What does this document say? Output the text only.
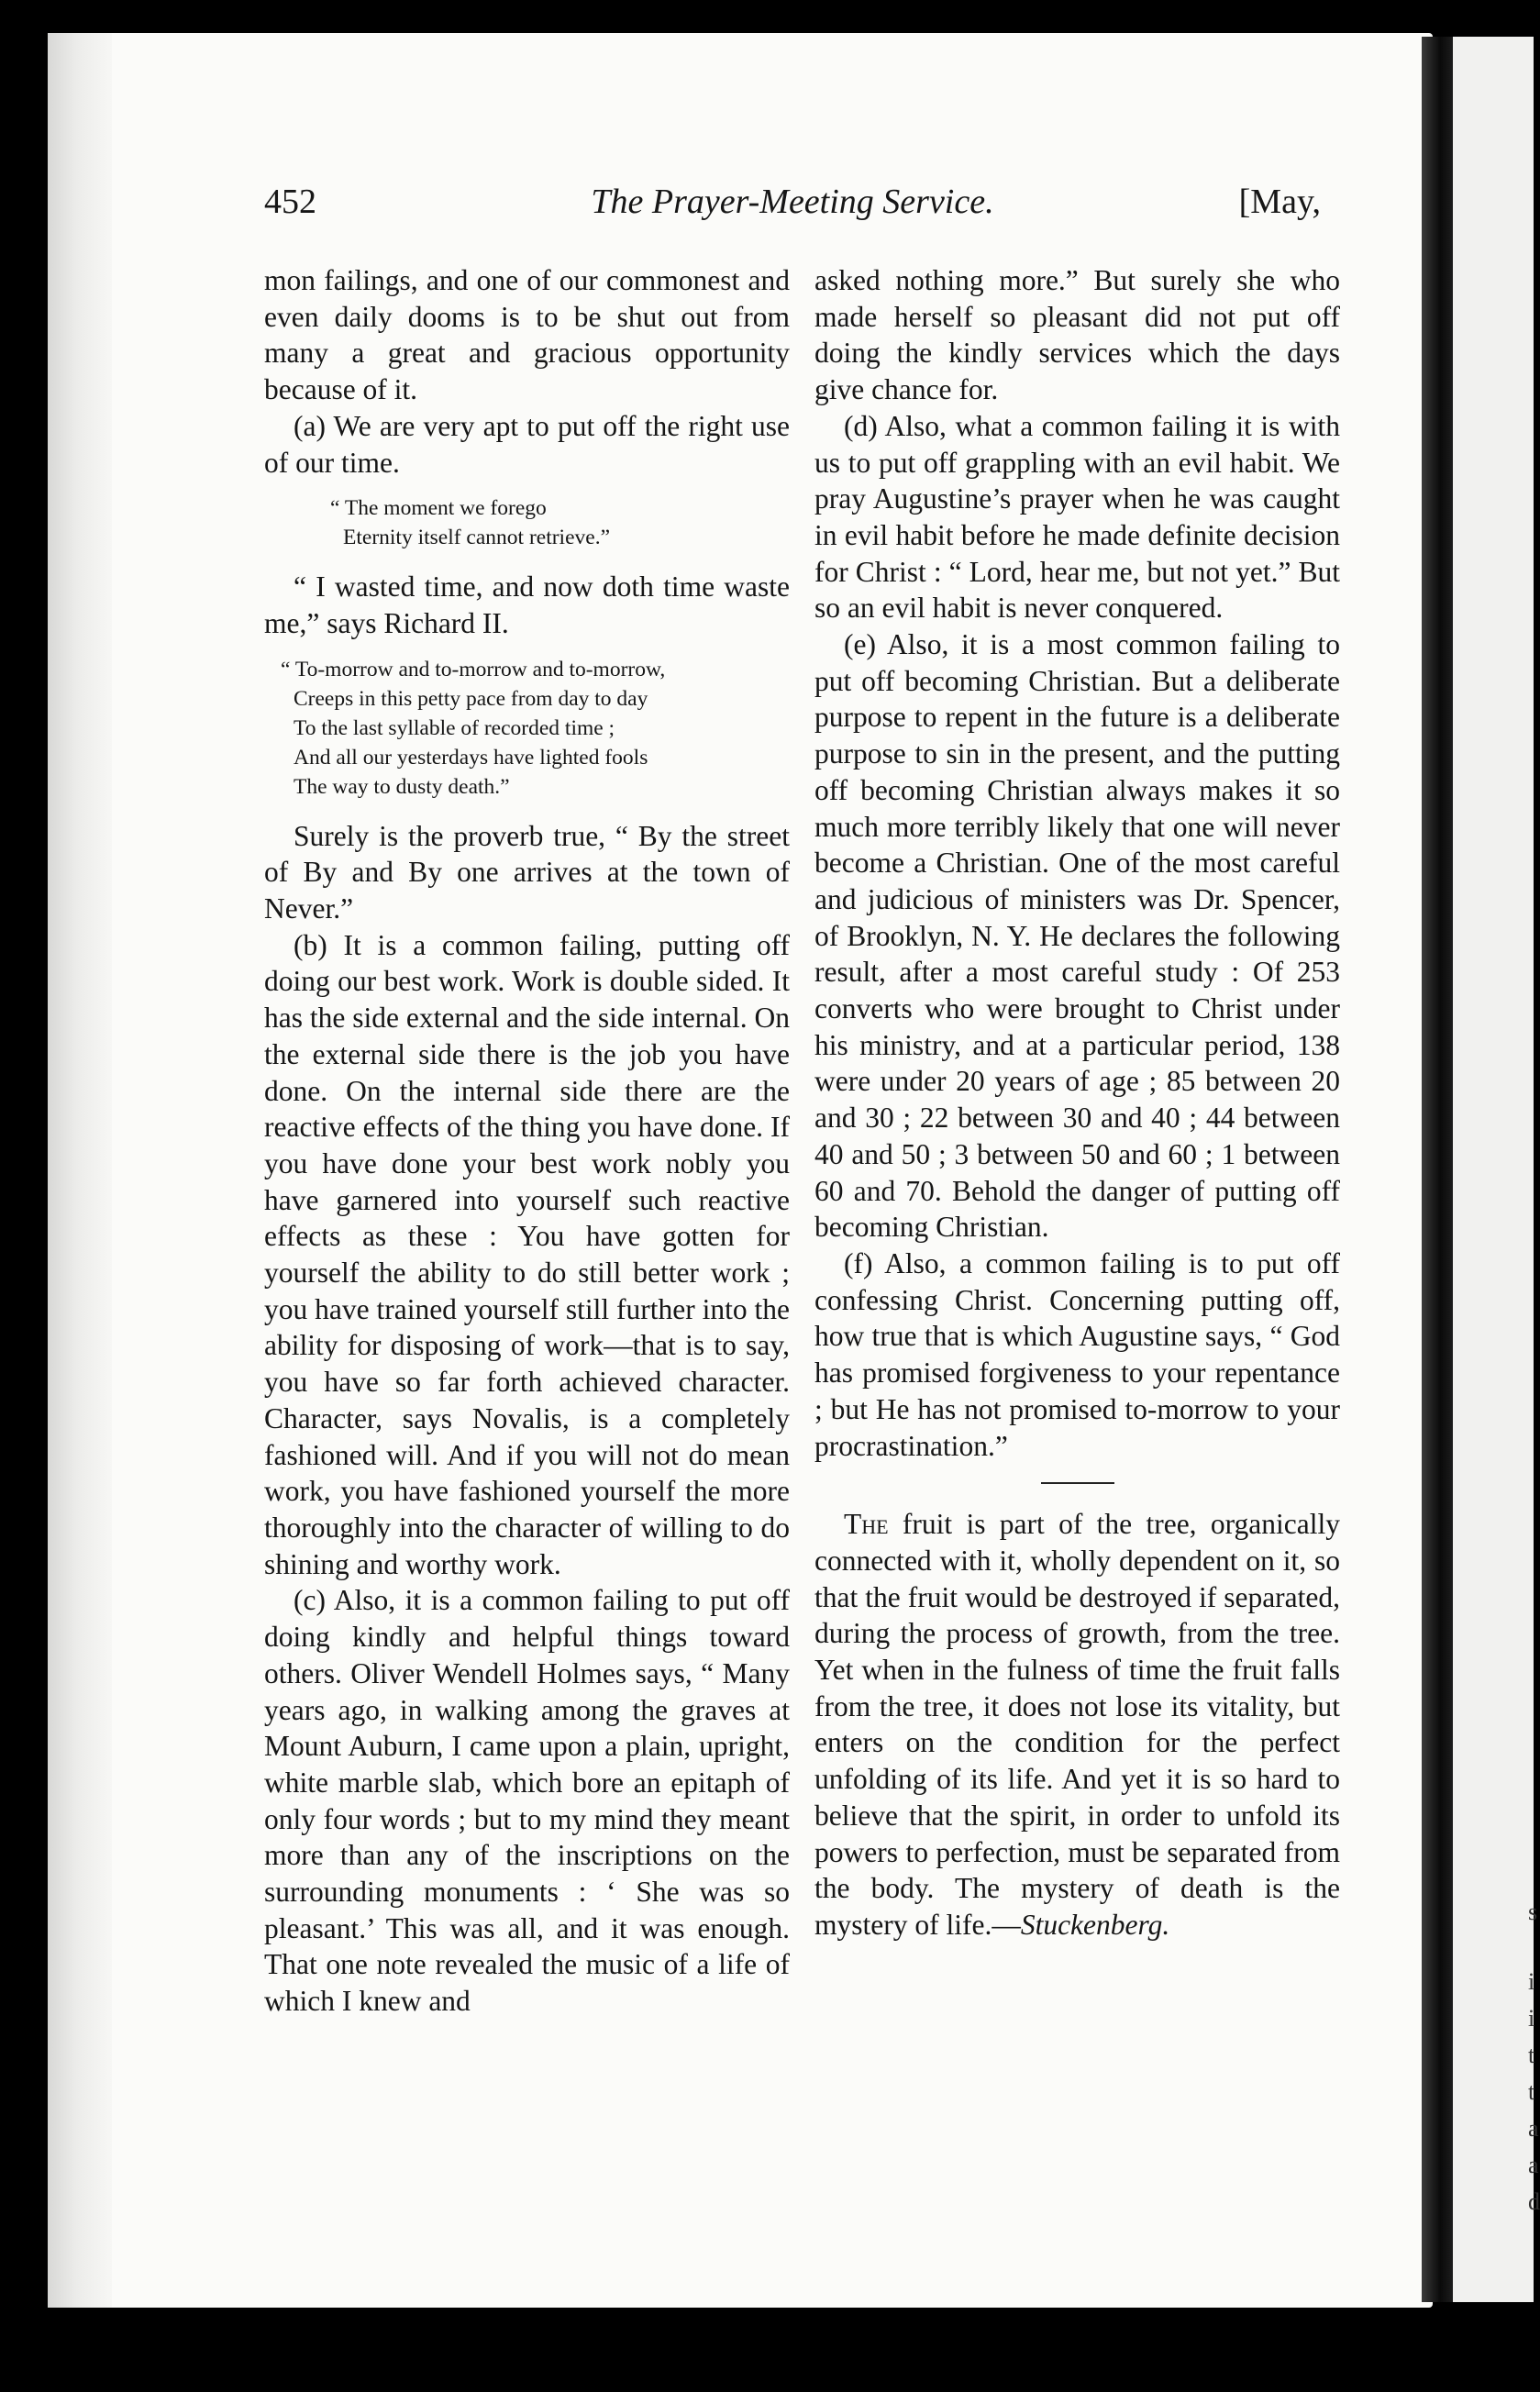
s
i
i
t
t
a
a
d
452	The Prayer-Meeting Service.	[May,

mon failings, and one of our commonest and even daily dooms is to be shut out from many a great and gracious opportunity because of it.

(a) We are very apt to put off the right use of our time.

“ The moment we forego
Eternity itself cannot retrieve.”

“ I wasted time, and now doth time waste me,” says Richard II.

“ To-morrow and to-morrow and to-morrow,
Creeps in this petty pace from day to day
To the last syllable of recorded time ;
And all our yesterdays have lighted fools
The way to dusty death.”

Surely is the proverb true, “ By the street of By and By one arrives at the town of Never.”

(b) It is a common failing, putting off doing our best work. Work is double sided. It has the side external and the side internal. On the external side there is the job you have done. On the internal side there are the reactive effects of the thing you have done. If you have done your best work nobly you have garnered into yourself such reactive effects as these : You have gotten for yourself the ability to do still better work ; you have trained yourself still further into the ability for disposing of work—that is to say, you have so far forth achieved character. Character, says Novalis, is a completely fashioned will. And if you will not do mean work, you have fashioned yourself the more thoroughly into the character of willing to do shining and worthy work.

(c) Also, it is a common failing to put off doing kindly and helpful things toward others. Oliver Wendell Holmes says, “ Many years ago, in walking among the graves at Mount Auburn, I came upon a plain, upright, white marble slab, which bore an epitaph of only four words ; but to my mind they meant more than any of the inscriptions on the surrounding monuments : ‘ She was so pleasant.’ This was all, and it was enough. That one note revealed the music of a life of which I knew and

asked nothing more.” But surely she who made herself so pleasant did not put off doing the kindly services which the days give chance for.

(d) Also, what a common failing it is with us to put off grappling with an evil habit. We pray Augustine’s prayer when he was caught in evil habit before he made definite decision for Christ : “ Lord, hear me, but not yet.” But so an evil habit is never conquered.

(e) Also, it is a most common failing to put off becoming Christian. But a deliberate purpose to repent in the future is a deliberate purpose to sin in the present, and the putting off becoming Christian always makes it so much more terribly likely that one will never become a Christian. One of the most careful and judicious of ministers was Dr. Spencer, of Brooklyn, N. Y. He declares the following result, after a most careful study : Of 253 converts who were brought to Christ under his ministry, and at a particular period, 138 were under 20 years of age ; 85 between 20 and 30 ; 22 between 30 and 40 ; 44 between 40 and 50 ; 3 between 50 and 60 ; 1 between 60 and 70. Behold the danger of putting off becoming Christian.

(f) Also, a common failing is to put off confessing Christ. Concerning putting off, how true that is which Augustine says, “ God has promised forgiveness to your repentance ; but He has not promised to-morrow to your procrastination.”

The fruit is part of the tree, organically connected with it, wholly dependent on it, so that the fruit would be destroyed if separated, during the process of growth, from the tree. Yet when in the fulness of time the fruit falls from the tree, it does not lose its vitality, but enters on the condition for the perfect unfolding of its life. And yet it is so hard to believe that the spirit, in order to unfold its powers to perfection, must be separated from the body. The mystery of death is the mystery of life.—Stuckenberg.
